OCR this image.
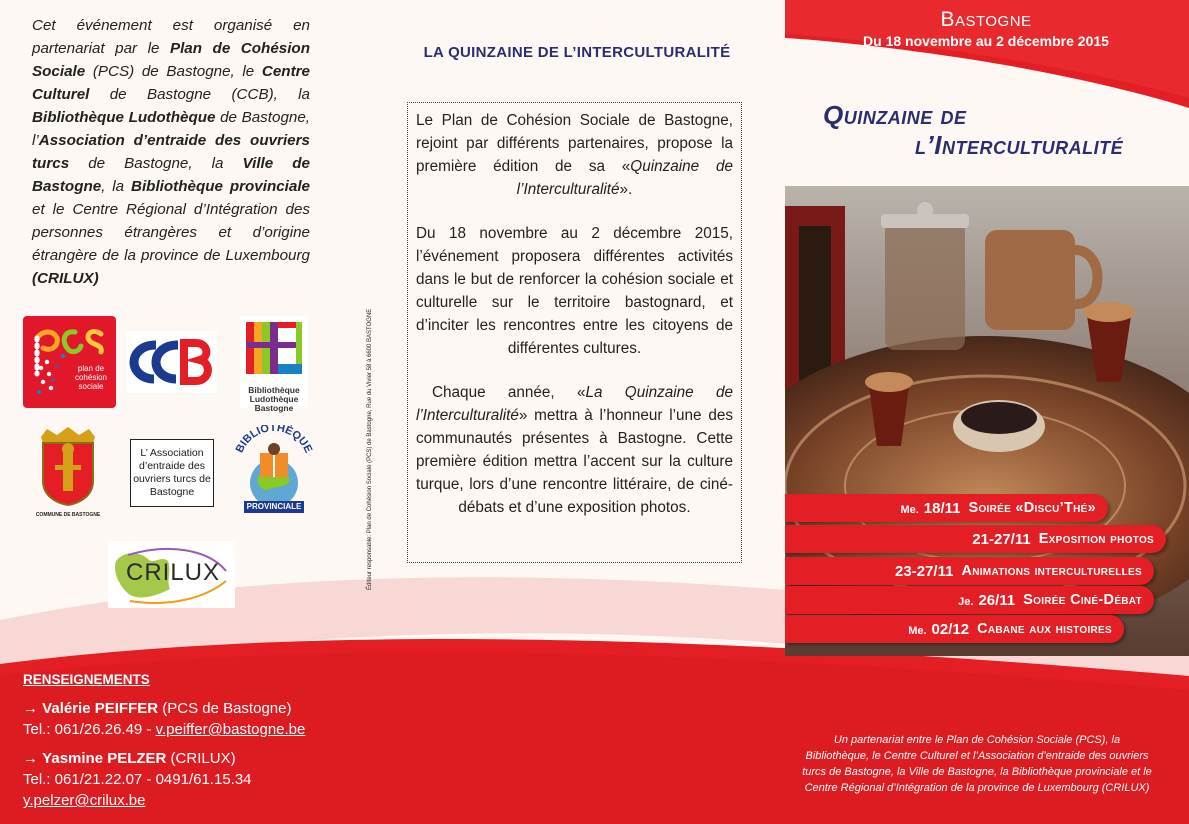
Cet événement est organisé en partenariat par le Plan de Cohésion Sociale (PCS) de Bastogne, le Centre Culturel de Bastogne (CCB), la Bibliothèque Ludothèque de Bastogne, l’Association d’entraide des ouvriers turcs de Bastogne, la Ville de Bastogne, la Bibliothèque provinciale et le Centre Régional d’Intégration des personnes étrangères et d’origine étrangère de la province de Luxembourg (CRILUX)
plan de cohésion sociale	Bibliothèque Ludothèque Bastogne
COMMUNE DE BASTOGNE
L’ Association d’entraide des ouvriers turcs de Bastogne
BIBLIOTHÈQUE
PROVINCIALE
CRILUX	Éditeur responsable: Plan de Cohésion Sociale (PCS) de Bastogne, Rue du Vivier 58 à 6600 BASTOGNE
LA QUINZAINE DE L’INTERCULTURALITÉ

Le Plan de Cohésion Sociale de Bastogne, rejoint par différents partenaires, propose la première édition de sa «Quinzaine de l’Interculturalité».

Du 18 novembre au 2 décembre 2015, l’événement proposera différentes activités dans le but de renforcer la cohésion sociale et culturelle sur le territoire bastognard, et d’inciter les rencontres entre les citoyens de différentes cultures.

Chaque année, «La Quinzaine de l’Interculturalité» mettra à l’honneur l’une des communautés présentes à Bastogne. Cette première édition mettra l’accent sur la culture turque, lors d’une rencontre littéraire, de ciné-débats et d’une exposition photos.

Bastogne
Du 18 novembre au 2 décembre 2015
Quinzaine de
l’Interculturalité
Me. 18/11 Soirée «Discu’Thé»
21-27/11 Exposition photos
23-27/11 Animations interculturelles
Je. 26/11 Soirée Ciné-Débat
Me. 02/12 Cabane aux histoires
RENSEIGNEMENTS
→ Valérie PEIFFER (PCS de Bastogne)
Tel.: 061/26.26.49 - v.peiffer@bastogne.be
→ Yasmine PELZER (CRILUX)
Tel.: 061/21.22.07 - 0491/61.15.34
y.pelzer@crilux.be
Un partenariat entre le Plan de Cohésion Sociale (PCS), la Bibliothèque, le Centre Culturel et l’Association d’entraide des ouvriers turcs de Bastogne, la Ville de Bastogne, la Bibliothèque provinciale et le Centre Régional d’Intégration de la province de Luxembourg (CRILUX)
